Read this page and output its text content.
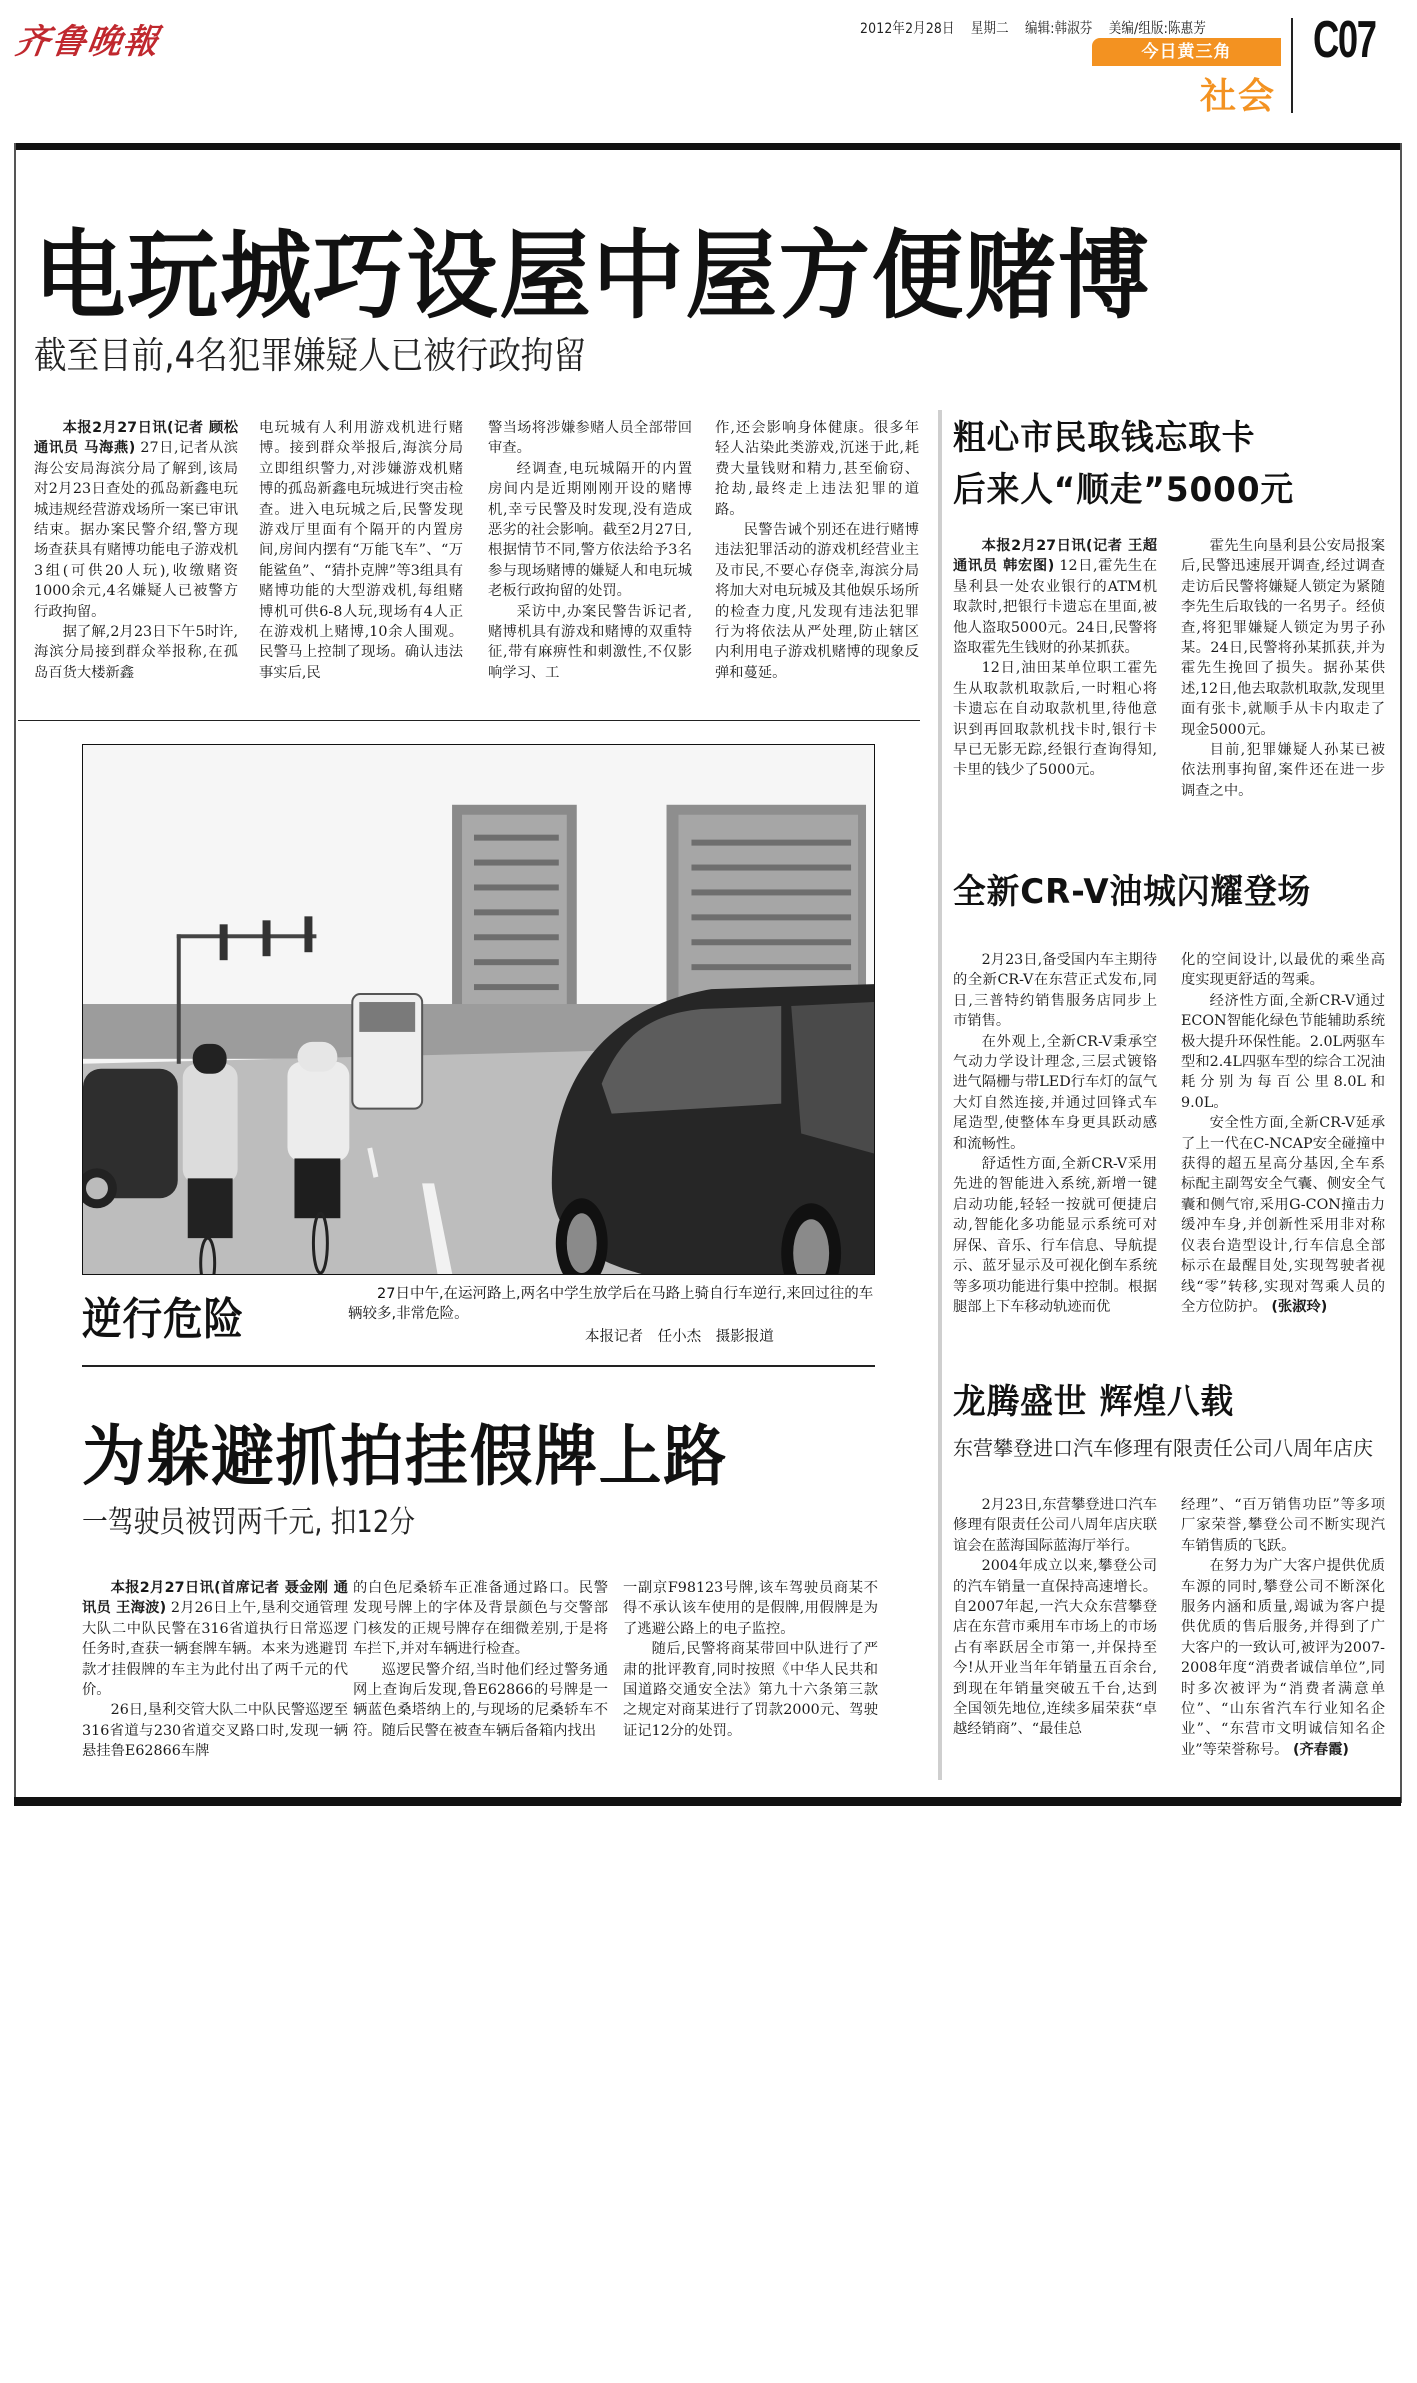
齐鲁晚報	2012年2月28日 星期二 编辑:韩淑芬 美编/组版:陈惠芳
今日黄三角
社会
C07
电玩城巧设屋中屋方便赌博
截至目前,4名犯罪嫌疑人已被行政拘留

本报2月27日讯(记者 顾松 通讯员 马海燕) 27日,记者从滨海公安局海滨分局了解到,该局对2月23日查处的孤岛新鑫电玩城违规经营游戏场所一案已审讯结束。据办案民警介绍,警方现场查获具有赌博功能电子游戏机3组(可供20人玩),收缴赌资1000余元,4名嫌疑人已被警方行政拘留。

据了解,2月23日下午5时许,海滨分局接到群众举报称,在孤岛百货大楼新鑫

电玩城有人利用游戏机进行赌博。接到群众举报后,海滨分局立即组织警力,对涉嫌游戏机赌博的孤岛新鑫电玩城进行突击检查。进入电玩城之后,民警发现游戏厅里面有个隔开的内置房间,房间内摆有“万能飞车”、“万能鲨鱼”、“猜扑克牌”等3组具有赌博功能的大型游戏机,每组赌博机可供6-8人玩,现场有4人正在游戏机上赌博,10余人围观。民警马上控制了现场。确认违法事实后,民

警当场将涉嫌参赌人员全部带回审查。

经调查,电玩城隔开的内置房间内是近期刚刚开设的赌博机,幸亏民警及时发现,没有造成恶劣的社会影响。截至2月27日,根据情节不同,警方依法给予3名参与现场赌博的嫌疑人和电玩城老板行政拘留的处罚。

采访中,办案民警告诉记者,赌博机具有游戏和赌博的双重特征,带有麻痹性和刺激性,不仅影响学习、工

作,还会影响身体健康。很多年轻人沾染此类游戏,沉迷于此,耗费大量钱财和精力,甚至偷窃、抢劫,最终走上违法犯罪的道路。

民警告诫个别还在进行赌博违法犯罪活动的游戏机经营业主及市民,不要心存侥幸,海滨分局将加大对电玩城及其他娱乐场所的检查力度,凡发现有违法犯罪行为将依法从严处理,防止辖区内利用电子游戏机赌博的现象反弹和蔓延。

逆行危险	27日中午,在运河路上,两名中学生放学后在马路上骑自行车逆行,来回过往的车辆较多,非常危险。
本报记者 任小杰 摄影报道
为躲避抓拍挂假牌上路
一驾驶员被罚两千元, 扣12分

本报2月27日讯(首席记者 聂金刚 通讯员 王海波) 2月26日上午,垦利交通管理大队二中队民警在316省道执行日常巡逻任务时,查获一辆套牌车辆。本来为逃避罚款才挂假牌的车主为此付出了两千元的代价。

26日,垦利交管大队二中队民警巡逻至316省道与230省道交叉路口时,发现一辆悬挂鲁E62866车牌

的白色尼桑轿车正准备通过路口。民警发现号牌上的字体及背景颜色与交警部门核发的正规号牌存在细微差别,于是将车拦下,并对车辆进行检查。

巡逻民警介绍,当时他们经过警务通网上查询后发现,鲁E62866的号牌是一辆蓝色桑塔纳上的,与现场的尼桑轿车不符。随后民警在被查车辆后备箱内找出

一副京F98123号牌,该车驾驶员商某不得不承认该车使用的是假牌,用假牌是为了逃避公路上的电子监控。

随后,民警将商某带回中队进行了严肃的批评教育,同时按照《中华人民共和国道路交通安全法》第九十六条第三款之规定对商某进行了罚款2000元、驾驶证记12分的处罚。

粗心市民取钱忘取卡
后来人“顺走”5000元

本报2月27日讯(记者 王超 通讯员 韩宏图) 12日,霍先生在垦利县一处农业银行的ATM机取款时,把银行卡遗忘在里面,被他人盗取5000元。24日,民警将盗取霍先生钱财的孙某抓获。

12日,油田某单位职工霍先生从取款机取款后,一时粗心将卡遗忘在自动取款机里,待他意识到再回取款机找卡时,银行卡早已无影无踪,经银行查询得知,卡里的钱少了5000元。

霍先生向垦利县公安局报案后,民警迅速展开调查,经过调查走访后民警将嫌疑人锁定为紧随李先生后取钱的一名男子。经侦查,将犯罪嫌疑人锁定为男子孙某。24日,民警将孙某抓获,并为霍先生挽回了损失。据孙某供述,12日,他去取款机取款,发现里面有张卡,就顺手从卡内取走了现金5000元。

目前,犯罪嫌疑人孙某已被依法刑事拘留,案件还在进一步调查之中。

全新CR-V油城闪耀登场

2月23日,备受国内车主期待的全新CR-V在东营正式发布,同日,三普特约销售服务店同步上市销售。

在外观上,全新CR-V秉承空气动力学设计理念,三层式镀铬进气隔栅与带LED行车灯的氙气大灯自然连接,并通过回锋式车尾造型,使整体车身更具跃动感和流畅性。

舒适性方面,全新CR-V采用先进的智能进入系统,新增一键启动功能,轻轻一按就可便捷启动,智能化多功能显示系统可对屏保、音乐、行车信息、导航提示、蓝牙显示及可视化倒车系统等多项功能进行集中控制。根据腿部上下车移动轨迹而优

化的空间设计,以最优的乘坐高度实现更舒适的驾乘。

经济性方面,全新CR-V通过ECON智能化绿色节能辅助系统极大提升环保性能。2.0L两驱车型和2.4L四驱车型的综合工况油耗分别为每百公里8.0L和9.0L。

安全性方面,全新CR-V延承了上一代在C-NCAP安全碰撞中获得的超五星高分基因,全车系标配主副驾安全气囊、侧安全气囊和侧气帘,采用G-CON撞击力缓冲车身,并创新性采用非对称仪表台造型设计,行车信息全部标示在最醒目处,实现驾驶者视线“零”转移,实现对驾乘人员的全方位防护。 (张淑玲)

龙腾盛世 辉煌八载
东营攀登进口汽车修理有限责任公司八周年店庆

2月23日,东营攀登进口汽车修理有限责任公司八周年店庆联谊会在蓝海国际蓝海厅举行。

2004年成立以来,攀登公司的汽车销量一直保持高速增长。自2007年起,一汽大众东营攀登店在东营市乘用车市场上的市场占有率跃居全市第一,并保持至今!从开业当年年销量五百余台,到现在年销量突破五千台,达到全国领先地位,连续多届荣获“卓越经销商”、“最佳总

经理”、“百万销售功臣”等多项厂家荣誉,攀登公司不断实现汽车销售质的飞跃。

在努力为广大客户提供优质车源的同时,攀登公司不断深化服务内涵和质量,竭诚为客户提供优质的售后服务,并得到了广大客户的一致认可,被评为2007-2008年度“消费者诚信单位”,同时多次被评为“消费者满意单位”、“山东省汽车行业知名企业”、“东营市文明诚信知名企业”等荣誉称号。 (齐春霞)
